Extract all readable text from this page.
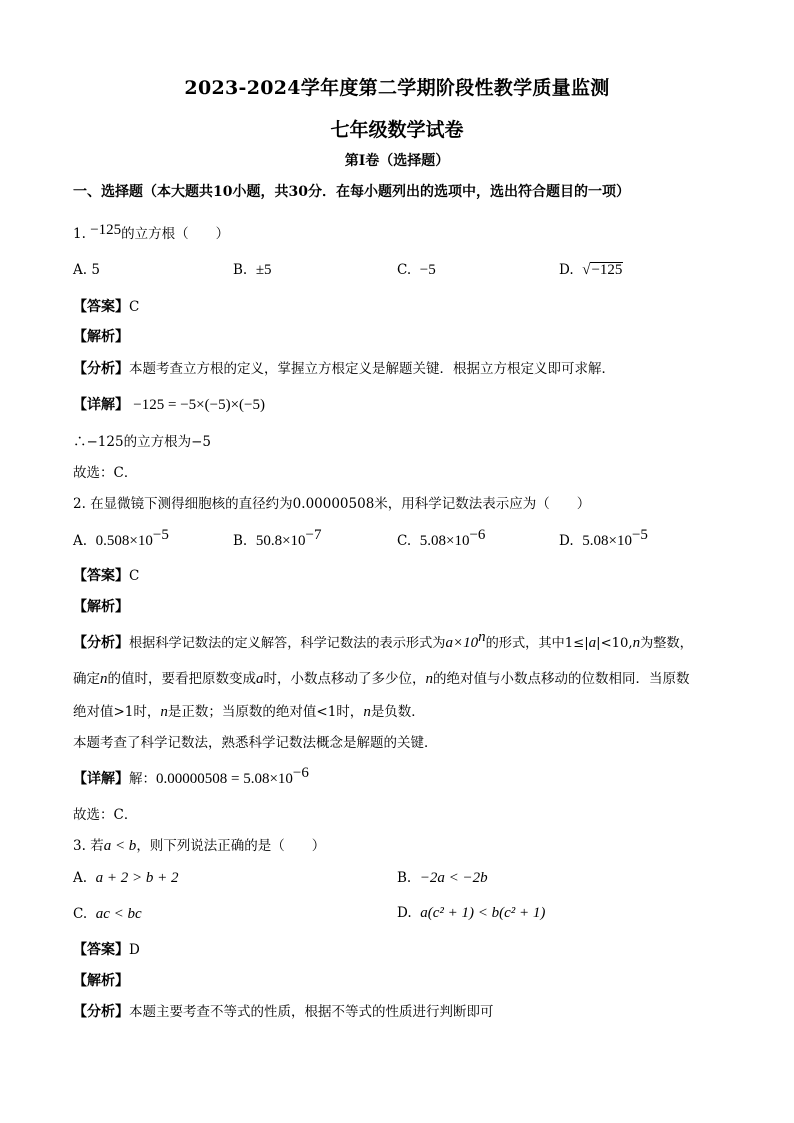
2023-2024学年度第二学期阶段性教学质量监测
七年级数学试卷
第Ⅰ卷（选择题）
一、选择题（本大题共10小题，共30分．在每小题列出的选项中，选出符合题目的一项）
1. −125的立方根（　　）
A. 5	B. ±5	C. −5	D. √−125
【答案】C
【解析】
【分析】本题考查立方根的定义，掌握立方根定义是解题关键．根据立方根定义即可求解．
【详解】 −125 = −5×(−5)×(−5)
∴−125的立方根为−5
故选：C．
2. 在显微镜下测得细胞核的直径约为0.00000508米，用科学记数法表示应为（　　）
A. $0.508\times 10^{-5}$	B. $50.8\times 10^{-7}$	C. $5.08\times 10^{-6}$	D. $5.08\times 10^{-5}$
【答案】C
【解析】
【分析】根据科学记数法的定义解答，科学记数法的表示形式为$a\times 10^n$的形式，其中1≤|a|<10,n为整数，
确定n的值时，要看把原数变成a时，小数点移动了多少位，n的绝对值与小数点移动的位数相同．当原数
绝对值>1时，n是正数；当原数的绝对值<1时，n是负数．
本题考查了科学记数法，熟悉科学记数法概念是解题的关键．
【详解】解：$0.00000508 = 5.08\times 10^{-6}$
故选：C．
3. 若a < b，则下列说法正确的是（　　）
A. a + 2 > b + 2	B. −2a < −2b
C. ac < bc	D. a(c² + 1) < b(c² + 1)
【答案】D
【解析】
【分析】本题主要考查不等式的性质，根据不等式的性质进行判断即可
